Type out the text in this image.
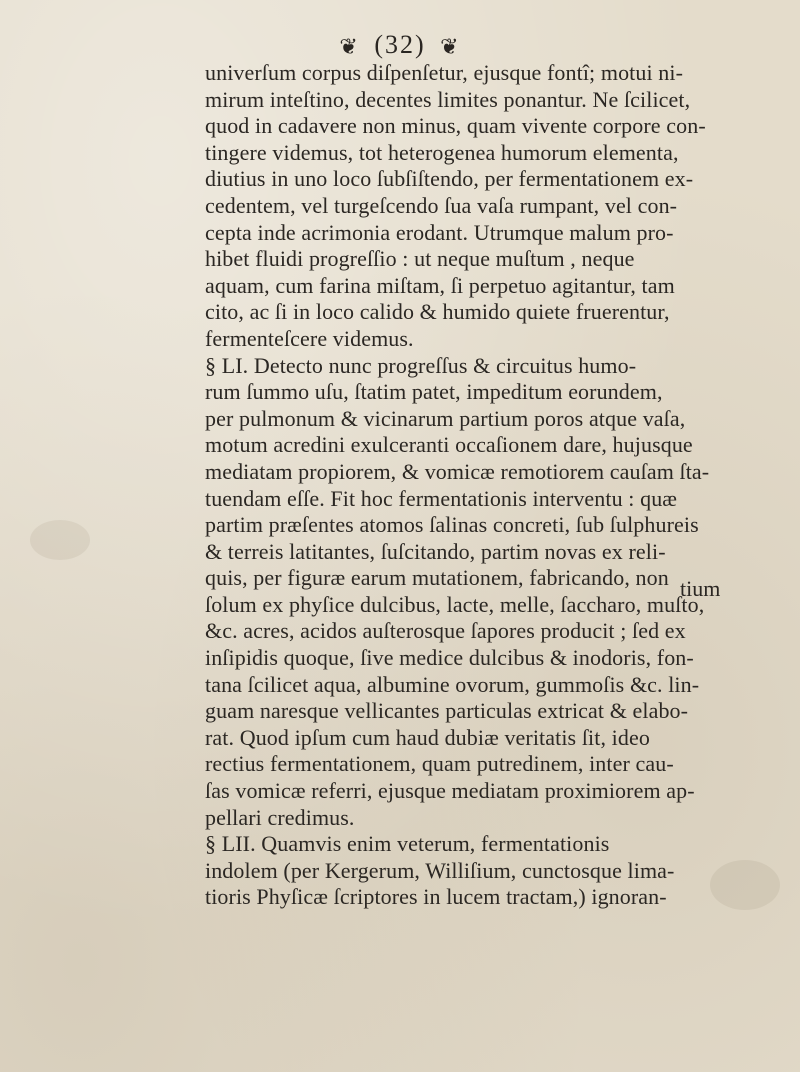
❦ (32) ❦
univerſum corpus diſpenſetur, ejusque fontî; motui ni-
mirum inteſtino, decentes limites ponantur. Ne ſcilicet,
quod in cadavere non minus, quam vivente corpore con-
tingere videmus, tot heterogenea humorum elementa,
diutius in uno loco ſubſiſtendo, per fermentationem ex-
cedentem, vel turgeſcendo ſua vaſa rumpant, vel con-
cepta inde acrimonia erodant. Utrumque malum pro-
hibet fluidi progreſſio : ut neque muſtum , neque
aquam, cum farina miſtam, ſi perpetuo agitantur, tam
cito, ac ſi in loco calido & humido quiete fruerentur,
fermenteſcere videmus.
§ LI. Detecto nunc progreſſus & circuitus humo-
rum ſummo uſu, ſtatim patet, impeditum eorundem,
per pulmonum & vicinarum partium poros atque vaſa,
motum acredini exulceranti occaſionem dare, hujusque
mediatam propiorem, & vomicæ remotiorem cauſam ſta-
tuendam eſſe. Fit hoc fermentationis interventu : quæ
partim præſentes atomos ſalinas concreti, ſub ſulphureis
& terreis latitantes, ſuſcitando, partim novas ex reli-
quis, per figuræ earum mutationem, fabricando, non
ſolum ex phyſice dulcibus, lacte, melle, ſaccharo, muſto,
&c. acres, acidos auſterosque ſapores producit ; ſed ex
inſipidis quoque, ſive medice dulcibus & inodoris, fon-
tana ſcilicet aqua, albumine ovorum, gummoſis &c. lin-
guam naresque vellicantes particulas extricat & elabo-
rat. Quod ipſum cum haud dubiæ veritatis ſit, ideo
rectius fermentationem, quam putredinem, inter cau-
ſas vomicæ referri, ejusque mediatam proximiorem ap-
pellari credimus.
§ LII. Quamvis enim veterum, fermentationis
indolem (per Kergerum, Williſium, cunctosque lima-
tioris Phyſicæ ſcriptores in lucem tractam,) ignoran-
tium
